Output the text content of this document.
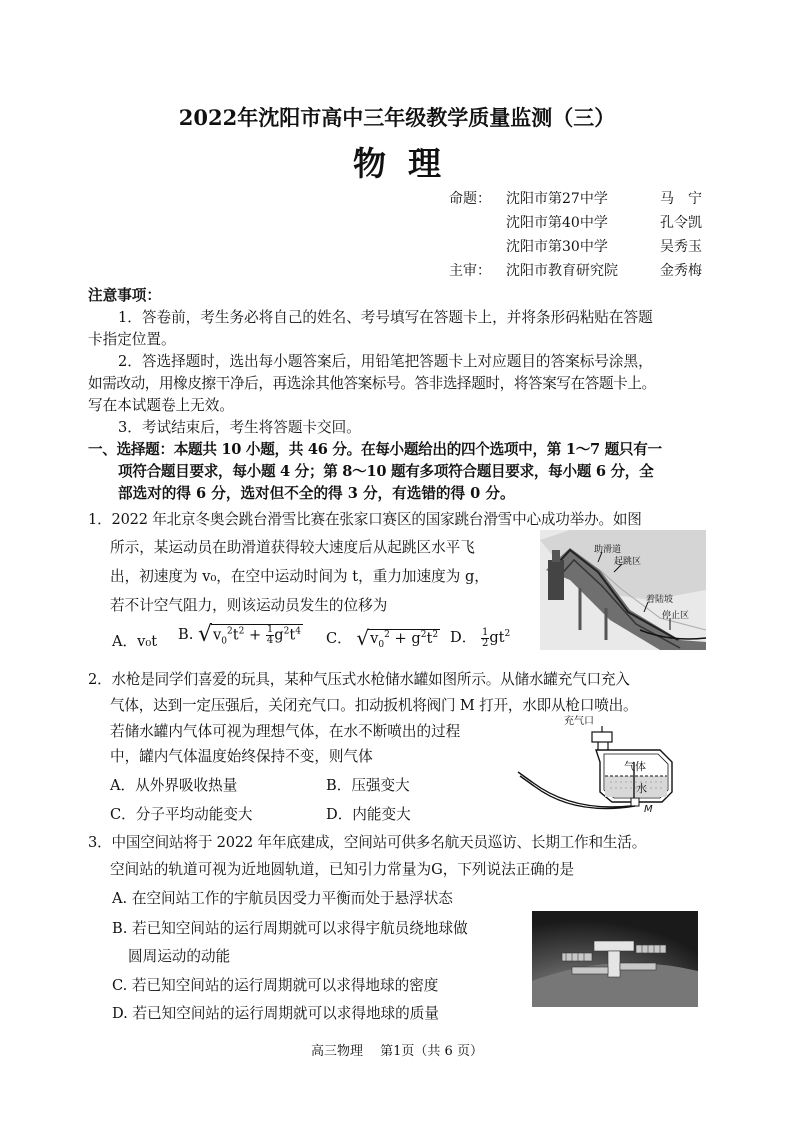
2022年沈阳市高中三年级教学质量监测（三）
物理
命题： 沈阳市第27中学	马　宁
沈阳市第40中学	孔令凯
沈阳市第30中学	吴秀玉
主审： 沈阳市教育研究院	金秀梅
注意事项：
1．答卷前，考生务必将自己的姓名、考号填写在答题卡上，并将条形码粘贴在答题
卡指定位置。
2．答选择题时，选出每小题答案后，用铅笔把答题卡上对应题目的答案标号涂黑，
如需改动，用橡皮擦干净后，再选涂其他答案标号。答非选择题时，将答案写在答题卡上。
写在本试题卷上无效。
3．考试结束后，考生将答题卡交回。
一、选择题：本题共 10 小题，共 46 分。在每小题给出的四个选项中，第 1～7 题只有一
项符合题目要求，每小题 4 分；第 8～10 题有多项符合题目要求，每小题 6 分，全
部选对的得 6 分，选对但不全的得 3 分，有选错的得 0 分。
1．2022 年北京冬奥会跳台滑雪比赛在张家口赛区的国家跳台滑雪中心成功举办。如图
所示，某运动员在助滑道获得较大速度后从起跳区水平飞
出，初速度为 v₀，在空中运动时间为 t，重力加速度为 g，
若不计空气阻力，则该运动员发生的位移为
A．v₀t B. $√v_0^2t^2 + \frac{1}{4} g^2t^4$ C． $√v_0^2 + g^2t^2$ D． $\frac{1}{2} gt^2$
助滑道
起跳区
着陆坡
停止区
2．水枪是同学们喜爱的玩具，某种气压式水枪储水罐如图所示。从储水罐充气口充入
气体，达到一定压强后，关闭充气口。扣动扳机将阀门 M 打开，水即从枪口喷出。
若储水罐内气体可视为理想气体，在水不断喷出的过程
中，罐内气体温度始终保持不变，则气体
A．从外界吸收热量	B．压强变大
C．分子平均动能变大	D．内能变大
充气口
气体
水
M
3．中国空间站将于 2022 年年底建成，空间站可供多名航天员巡访、长期工作和生活。
空间站的轨道可视为近地圆轨道，已知引力常量为G，下列说法正确的是
A. 在空间站工作的宇航员因受力平衡而处于悬浮状态
B. 若已知空间站的运行周期就可以求得宇航员绕地球做
圆周运动的动能
C. 若已知空间站的运行周期就可以求得地球的密度
D. 若已知空间站的运行周期就可以求得地球的质量
高三物理　 第1页（共 6 页）
